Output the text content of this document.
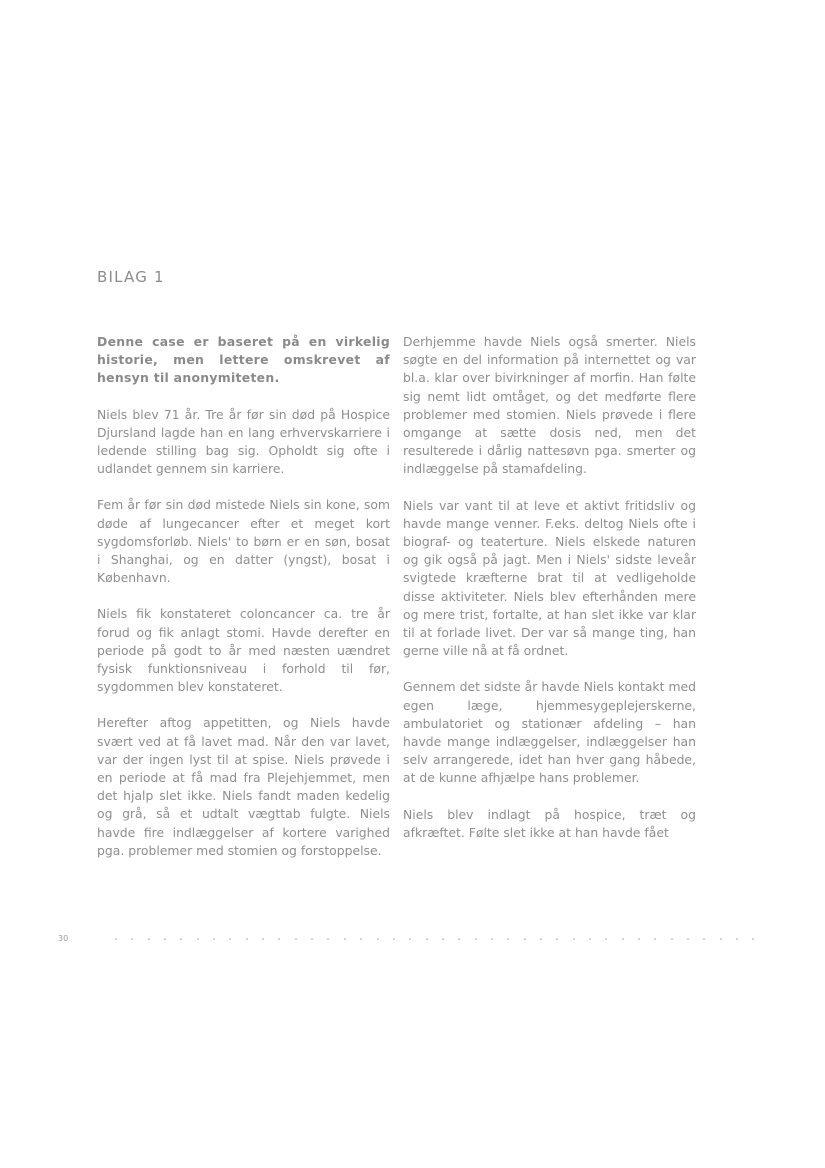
BILAG 1

Denne case er baseret på en virkelig historie, men lettere omskrevet af hensyn til anonymiteten.

Niels blev 71 år. Tre år før sin død på Hospice Djursland lagde han en lang erhvervskarriere i ledende stilling bag sig. Opholdt sig ofte i udlandet gennem sin karriere.

Fem år før sin død mistede Niels sin kone, som døde af lungecancer efter et meget kort sygdomsforløb. Niels' to børn er en søn, bosat i Shanghai, og en datter (yngst), bosat i København.

Niels fik konstateret coloncancer ca. tre år forud og fik anlagt stomi. Havde derefter en periode på godt to år med næsten uændret fysisk funktionsniveau i forhold til før, sygdommen blev konstateret.

Herefter aftog appetitten, og Niels havde svært ved at få lavet mad. Når den var lavet, var der ingen lyst til at spise. Niels prøvede i en periode at få mad fra Plejehjemmet, men det hjalp slet ikke. Niels fandt maden kedelig og grå, så et udtalt vægttab fulgte. Niels havde fire indlæggelser af kortere varighed pga. problemer med stomien og forstoppelse.

Derhjemme havde Niels også smerter. Niels søgte en del information på internettet og var bl.a. klar over bivirkninger af morfin. Han følte sig nemt lidt omtåget, og det medførte flere problemer med stomien. Niels prøvede i flere omgange at sætte dosis ned, men det resulterede i dårlig nattesøvn pga. smerter og indlæggelse på stamafdeling.

Niels var vant til at leve et aktivt fritidsliv og havde mange venner. F.eks. deltog Niels ofte i biograf- og teaterture. Niels elskede naturen og gik også på jagt. Men i Niels' sidste leveår svigtede kræfterne brat til at vedligeholde disse aktiviteter. Niels blev efterhånden mere og mere trist, fortalte, at han slet ikke var klar til at forlade livet. Der var så mange ting, han gerne ville nå at få ordnet.

Gennem det sidste år havde Niels kontakt med egen læge, hjemmesygeplejerskerne, ambulatoriet og stationær afdeling – han havde mange indlæggelser, indlæggelser han selv arrangerede, idet han hver gang håbede, at de kunne afhjælpe hans problemer.

Niels blev indlagt på hospice, træt og afkræftet. Følte slet ikke at han havde fået

30
